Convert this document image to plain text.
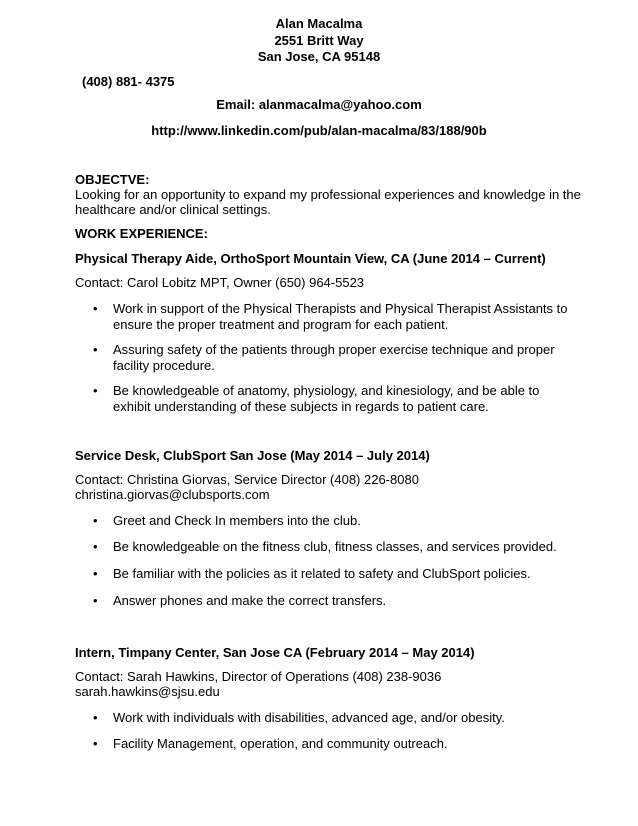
Alan Macalma
2551 Britt Way
San Jose, CA 95148
(408) 881- 4375
Email: alanmacalma@yahoo.com
http://www.linkedin.com/pub/alan-macalma/83/188/90b
OBJECTVE:
Looking for an opportunity to expand my professional experiences and knowledge in the
healthcare and/or clinical settings.
WORK EXPERIENCE:
Physical Therapy Aide, OrthoSport Mountain View, CA (June 2014 – Current)
Contact: Carol Lobitz MPT, Owner (650) 964-5523
•	Work in support of the Physical Therapists and Physical Therapist Assistants to
ensure the proper treatment and program for each patient.
•	Assuring safety of the patients through proper exercise technique and proper
facility procedure.
•	Be knowledgeable of anatomy, physiology, and kinesiology, and be able to
exhibit understanding of these subjects in regards to patient care.
Service Desk, ClubSport San Jose (May 2014 – July 2014)
Contact: Christina Giorvas, Service Director (408) 226-8080
christina.giorvas@clubsports.com
•	Greet and Check In members into the club.
•	Be knowledgeable on the fitness club, fitness classes, and services provided.
•	Be familiar with the policies as it related to safety and ClubSport policies.
•	Answer phones and make the correct transfers.
Intern, Timpany Center, San Jose CA (February 2014 – May 2014)
Contact: Sarah Hawkins, Director of Operations (408) 238-9036
sarah.hawkins@sjsu.edu
•	Work with individuals with disabilities, advanced age, and/or obesity.
•	Facility Management, operation, and community outreach.
